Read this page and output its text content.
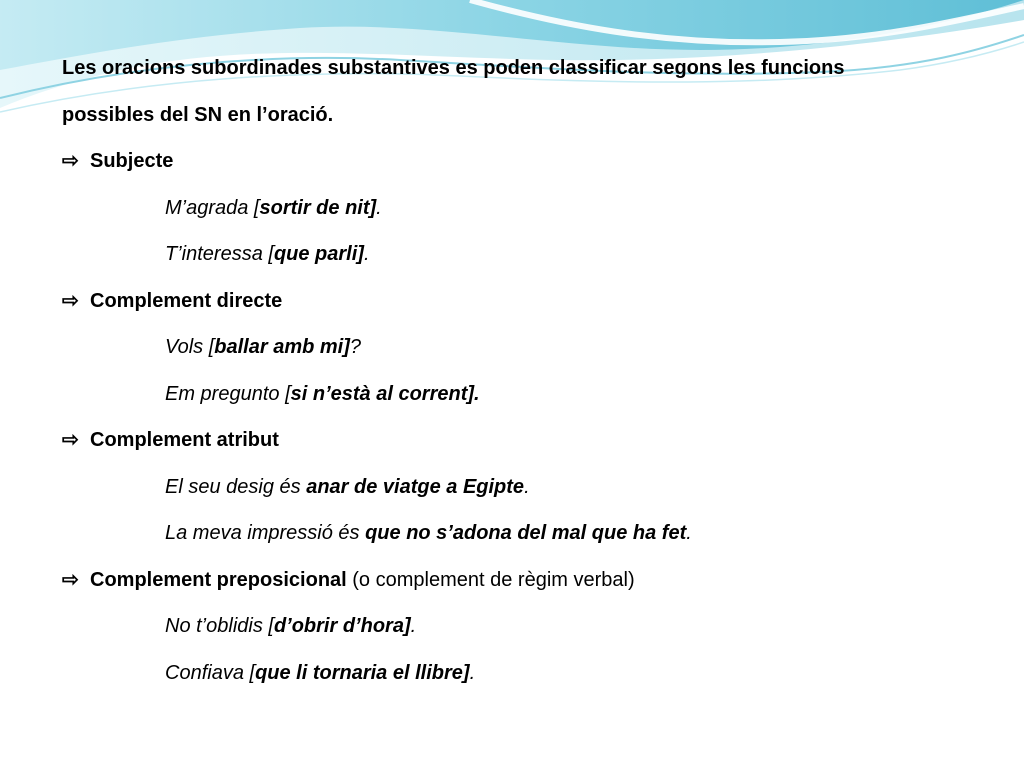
Les oracions subordinades substantives es poden classificar segons les funcions

possibles del SN en l’oració.

⇨ Subjecte

M’agrada [sortir de nit].

T’interessa [que parli].

⇨ Complement directe

Vols [ballar amb mi]?

Em pregunto [si n’està al corrent].

⇨ Complement atribut

El seu desig és anar de viatge a Egipte.

La meva impressió és que no s’adona del mal que ha fet.

⇨ Complement preposicional (o complement de règim verbal)

No t’oblidis [d’obrir d’hora].

Confiava [que li tornaria el llibre].
